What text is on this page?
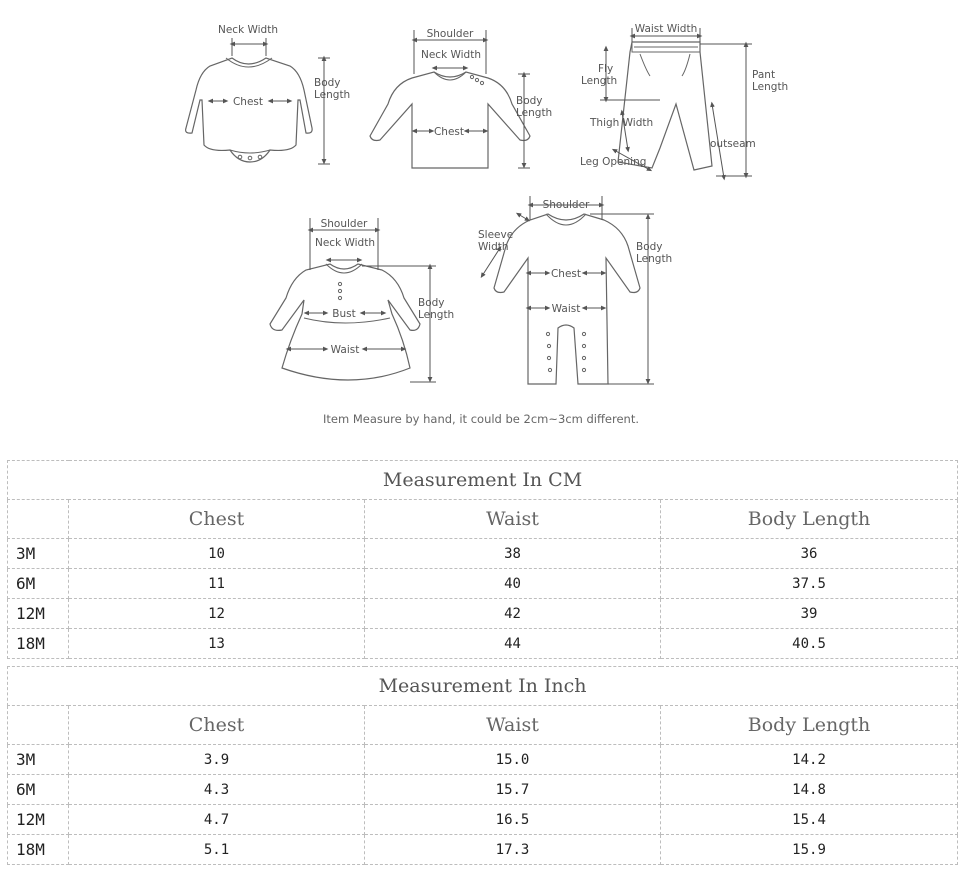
Neck Width
Chest
Body
Length
Shoulder
Neck Width
Chest
Body
Length
Waist Width
Fly
Length	Pant
Length
Thigh Width
outseam
Leg Opening
Shoulder
Neck Width
Bust
Waist
Body
Length
Shoulder
Sleeve
Width
Chest
Waist
Body
Length
Item Measure by hand, it could be 2cm~3cm different.
Measurement In CM			
	Chest	Waist	Body Length
3M	10	38	36
6M	11	40	37.5
12M	12	42	39
18M	13	44	40.5
Measurement In Inch			
	Chest	Waist	Body Length
3M	3.9	15.0	14.2
6M	4.3	15.7	14.8
12M	4.7	16.5	15.4
18M	5.1	17.3	15.9
